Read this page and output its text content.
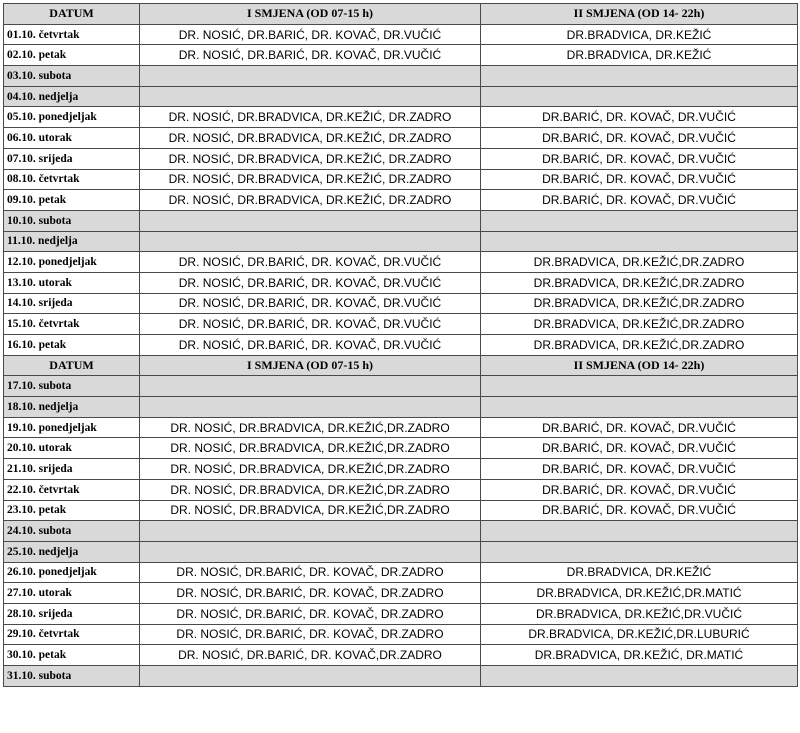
DATUM	I SMJENA (OD 07-15 h)	II SMJENA (OD 14- 22h)
01.10. četvrtak	DR. NOSIĆ, DR.BARIĆ, DR. KOVAČ, DR.VUČIĆ	DR.BRADVICA, DR.KEŽIĆ
02.10. petak	DR. NOSIĆ, DR.BARIĆ, DR. KOVAČ, DR.VUČIĆ	DR.BRADVICA, DR.KEŽIĆ
03.10. subota		
04.10. nedjelja		
05.10. ponedjeljak	DR. NOSIĆ, DR.BRADVICA, DR.KEŽIĆ, DR.ZADRO	DR.BARIĆ, DR. KOVAČ, DR.VUČIĆ
06.10. utorak	DR. NOSIĆ, DR.BRADVICA, DR.KEŽIĆ, DR.ZADRO	DR.BARIĆ, DR. KOVAČ, DR.VUČIĆ
07.10. srijeda	DR. NOSIĆ, DR.BRADVICA, DR.KEŽIĆ, DR.ZADRO	DR.BARIĆ, DR. KOVAČ, DR.VUČIĆ
08.10. četvrtak	DR. NOSIĆ, DR.BRADVICA, DR.KEŽIĆ, DR.ZADRO	DR.BARIĆ, DR. KOVAČ, DR.VUČIĆ
09.10. petak	DR. NOSIĆ, DR.BRADVICA, DR.KEŽIĆ, DR.ZADRO	DR.BARIĆ, DR. KOVAČ, DR.VUČIĆ
10.10. subota		
11.10. nedjelja		
12.10. ponedjeljak	DR. NOSIĆ, DR.BARIĆ, DR. KOVAČ, DR.VUČIĆ	DR.BRADVICA, DR.KEŽIĆ,DR.ZADRO
13.10. utorak	DR. NOSIĆ, DR.BARIĆ, DR. KOVAČ, DR.VUČIĆ	DR.BRADVICA, DR.KEŽIĆ,DR.ZADRO
14.10. srijeda	DR. NOSIĆ, DR.BARIĆ, DR. KOVAČ, DR.VUČIĆ	DR.BRADVICA, DR.KEŽIĆ,DR.ZADRO
15.10. četvrtak	DR. NOSIĆ, DR.BARIĆ, DR. KOVAČ, DR.VUČIĆ	DR.BRADVICA, DR.KEŽIĆ,DR.ZADRO
16.10. petak	DR. NOSIĆ, DR.BARIĆ, DR. KOVAČ, DR.VUČIĆ	DR.BRADVICA, DR.KEŽIĆ,DR.ZADRO
DATUM	I SMJENA (OD 07-15 h)	II SMJENA (OD 14- 22h)
17.10. subota		
18.10. nedjelja		
19.10. ponedjeljak	DR. NOSIĆ, DR.BRADVICA, DR.KEŽIĆ,DR.ZADRO	DR.BARIĆ, DR. KOVAČ, DR.VUČIĆ
20.10. utorak	DR. NOSIĆ, DR.BRADVICA, DR.KEŽIĆ,DR.ZADRO	DR.BARIĆ, DR. KOVAČ, DR.VUČIĆ
21.10. srijeda	DR. NOSIĆ, DR.BRADVICA, DR.KEŽIĆ,DR.ZADRO	DR.BARIĆ, DR. KOVAČ, DR.VUČIĆ
22.10. četvrtak	DR. NOSIĆ, DR.BRADVICA, DR.KEŽIĆ,DR.ZADRO	DR.BARIĆ, DR. KOVAČ, DR.VUČIĆ
23.10. petak	DR. NOSIĆ, DR.BRADVICA, DR.KEŽIĆ,DR.ZADRO	DR.BARIĆ, DR. KOVAČ, DR.VUČIĆ
24.10. subota		
25.10. nedjelja		
26.10. ponedjeljak	DR. NOSIĆ, DR.BARIĆ, DR. KOVAČ, DR.ZADRO	DR.BRADVICA, DR.KEŽIĆ
27.10. utorak	DR. NOSIĆ, DR.BARIĆ, DR. KOVAČ, DR.ZADRO	DR.BRADVICA, DR.KEŽIĆ,DR.MATIĆ
28.10. srijeda	DR. NOSIĆ, DR.BARIĆ, DR. KOVAČ, DR.ZADRO	DR.BRADVICA, DR.KEŽIĆ,DR.VUČIĆ
29.10. četvrtak	DR. NOSIĆ, DR.BARIĆ, DR. KOVAČ, DR.ZADRO	DR.BRADVICA, DR.KEŽIĆ,DR.LUBURIĆ
30.10. petak	DR. NOSIĆ, DR.BARIĆ, DR. KOVAČ,DR.ZADRO	DR.BRADVICA, DR.KEŽIĆ, DR.MATIĆ
31.10. subota		
